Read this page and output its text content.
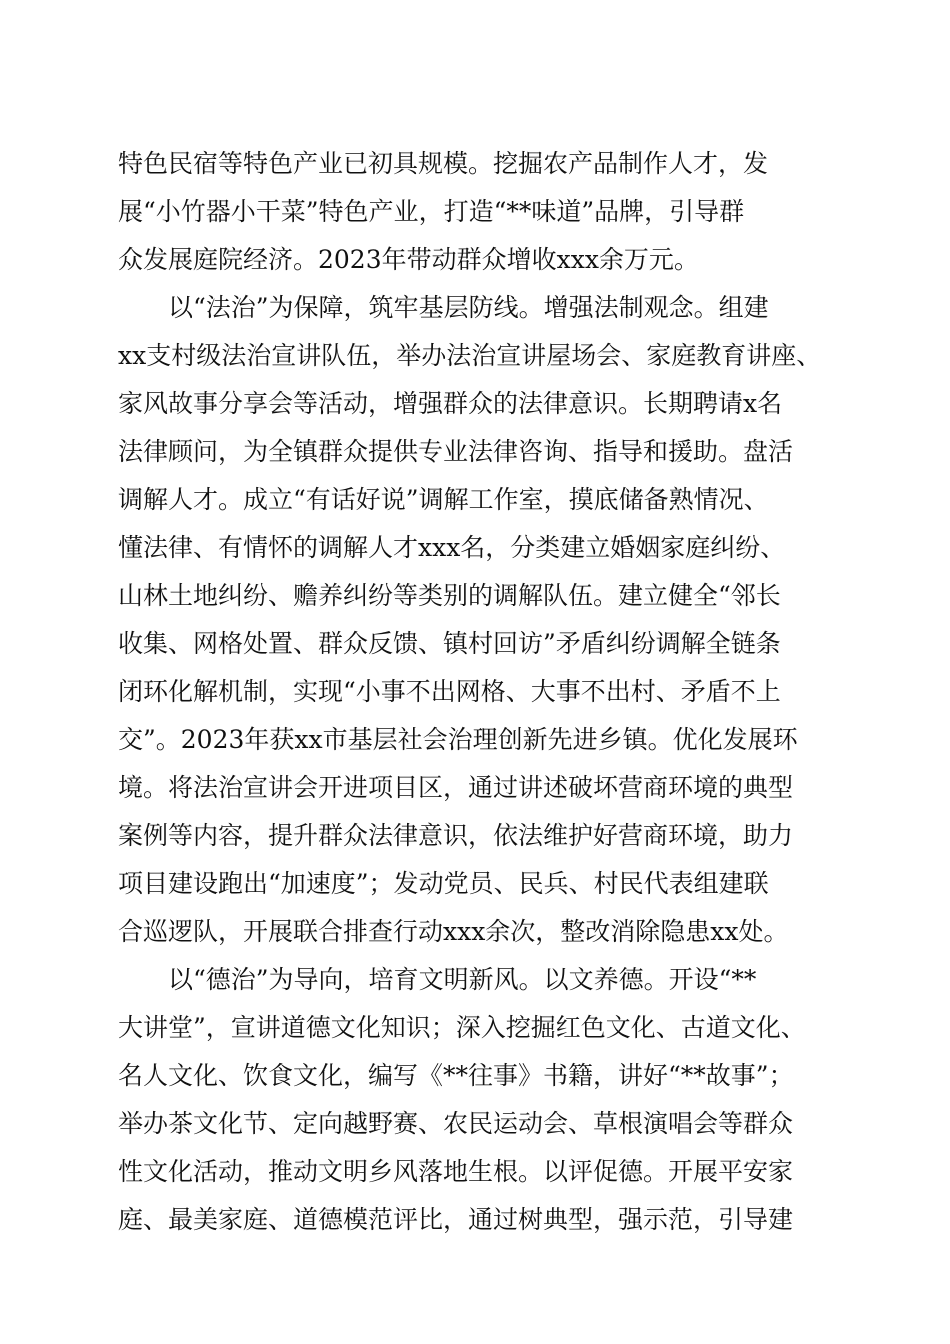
特色民宿等特色产业已初具规模。挖掘农产品制作人才，发
展“小竹器小干菜”特色产业，打造“**味道”品牌，引导群
众发展庭院经济。2023年带动群众增收xxx余万元。
　　以“法治”为保障，筑牢基层防线。增强法制观念。组建
xx支村级法治宣讲队伍，举办法治宣讲屋场会、家庭教育讲座、
家风故事分享会等活动，增强群众的法律意识。长期聘请x名
法律顾问，为全镇群众提供专业法律咨询、指导和援助。盘活
调解人才。成立“有话好说”调解工作室，摸底储备熟情况、
懂法律、有情怀的调解人才xxx名，分类建立婚姻家庭纠纷、
山林土地纠纷、赡养纠纷等类别的调解队伍。建立健全“邻长
收集、网格处置、群众反馈、镇村回访”矛盾纠纷调解全链条
闭环化解机制，实现“小事不出网格、大事不出村、矛盾不上
交”。2023年获xx市基层社会治理创新先进乡镇。优化发展环
境。将法治宣讲会开进项目区，通过讲述破坏营商环境的典型
案例等内容，提升群众法律意识，依法维护好营商环境，助力
项目建设跑出“加速度”；发动党员、民兵、村民代表组建联
合巡逻队，开展联合排查行动xxx余次，整改消除隐患xx处。
　　以“德治”为导向，培育文明新风。以文养德。开设“**
大讲堂”，宣讲道德文化知识；深入挖掘红色文化、古道文化、
名人文化、饮食文化，编写《**往事》书籍，讲好“**故事”；
举办茶文化节、定向越野赛、农民运动会、草根演唱会等群众
性文化活动，推动文明乡风落地生根。以评促德。开展平安家
庭、最美家庭、道德模范评比，通过树典型，强示范，引导建
